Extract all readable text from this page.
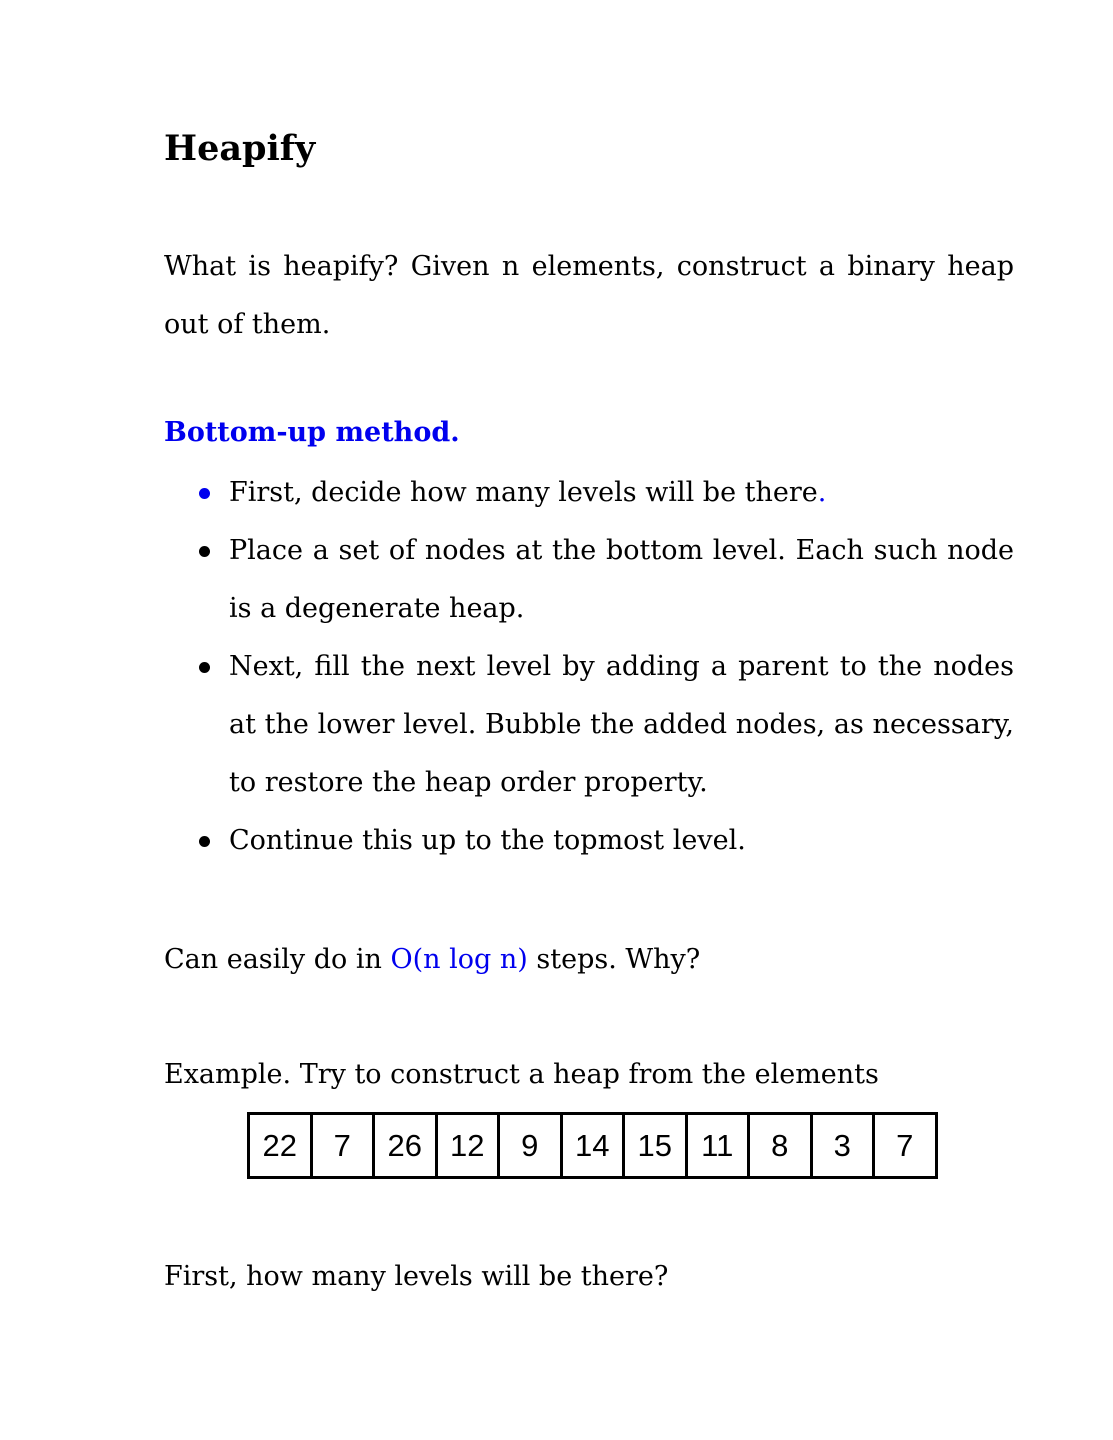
Heapify
What is heapify? Given n elements, construct a binary heap out of them.
Bottom-up method.
First, decide how many levels will be there.
Place a set of nodes at the bottom level. Each such node is a degenerate heap.
Next, fill the next level by adding a parent to the nodes at the lower level. Bubble the added nodes, as necessary, to restore the heap order property.
Continue this up to the topmost level.
Can easily do in O(n log n) steps. Why?
Example. Try to construct a heap from the elements
22	7	26 12	9	14 15 11	8	3	7
First, how many levels will be there?
